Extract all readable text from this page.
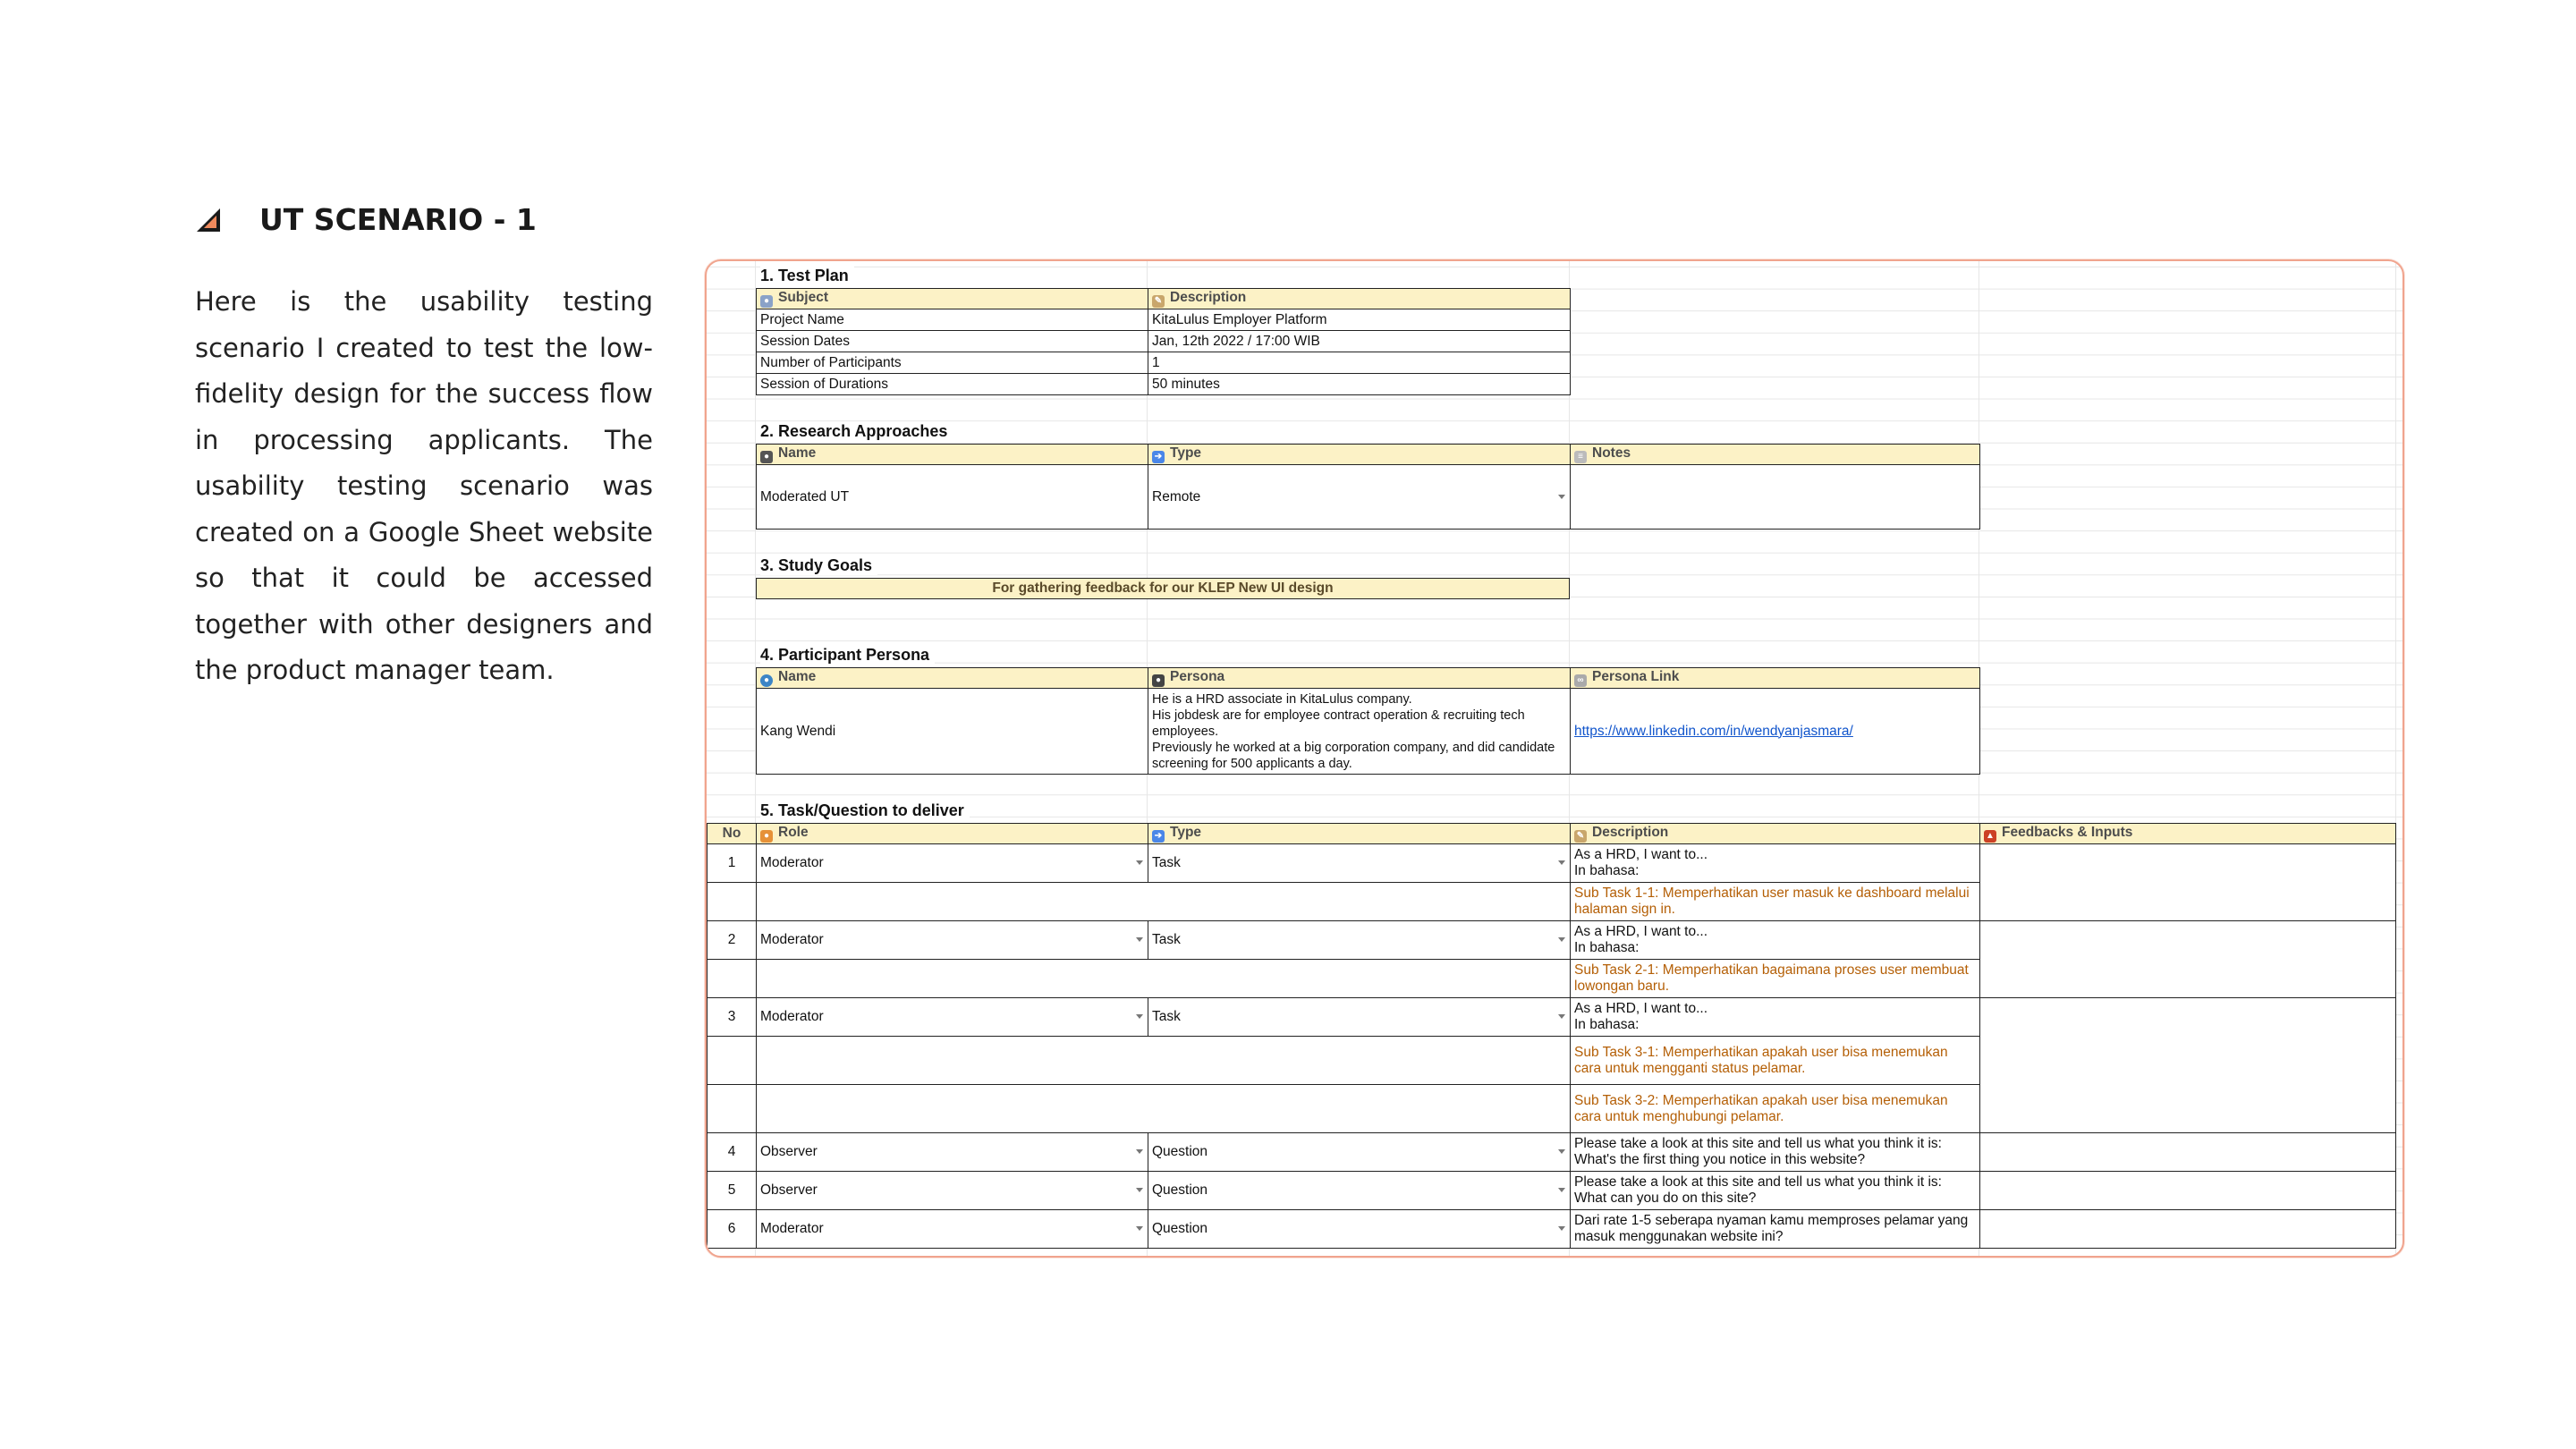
UT SCENARIO - 1
Here is the usability testing scenario I created to test the low-fidelity design for the success flow in processing applicants. The usability testing scenario was created on a Google Sheet website so that it could be accessed together with other designers and the product manager team.
1. Test Plan
● Subject	✎ Description
Project Name	KitaLulus Employer Platform
Session Dates	Jan, 12th 2022 / 17:00 WIB
Number of Participants	1
Session of Durations	50 minutes
2. Research Approaches
● Name	➔ Type	≡ Notes
Moderated UT	Remote

3. Study Goals
For gathering feedback for our KLEP New UI design
4. Participant Persona
● Name	● Persona	∞ Persona Link
Kang Wendi	He is a HRD associate in KitaLulus company.
His jobdesk are for employee contract operation & recruiting tech employees.
Previously he worked at a big corporation company, and did candidate screening for 500 applicants a day.	https://www.linkedin.com/in/wendyanjasmara/
5. Task/Question to deliver
No	● Role	➔ Type	✎ Description	▲ Feedbacks & Inputs
1	Moderator	Task	As a HRD, I want to...
In bahasa:	

			Sub Task 1-1: Memperhatikan user masuk ke dashboard melalui halaman sign in.	
2	Moderator	Task	As a HRD, I want to...
In bahasa:	

			Sub Task 2-1: Memperhatikan bagaimana proses user membuat lowongan baru.	
3	Moderator	Task	As a HRD, I want to...
In bahasa:	

			Sub Task 3-1: Memperhatikan apakah user bisa menemukan cara untuk mengganti status pelamar.	
			Sub Task 3-2: Memperhatikan apakah user bisa menemukan cara untuk menghubungi pelamar.	
4	Observer	Question	Please take a look at this site and tell us what you think it is: What's the first thing you notice in this website?	
5	Observer	Question	Please take a look at this site and tell us what you think it is: What can you do on this site?	
6	Moderator	Question	Dari rate 1-5 seberapa nyaman kamu memproses pelamar yang masuk menggunakan website ini?	
